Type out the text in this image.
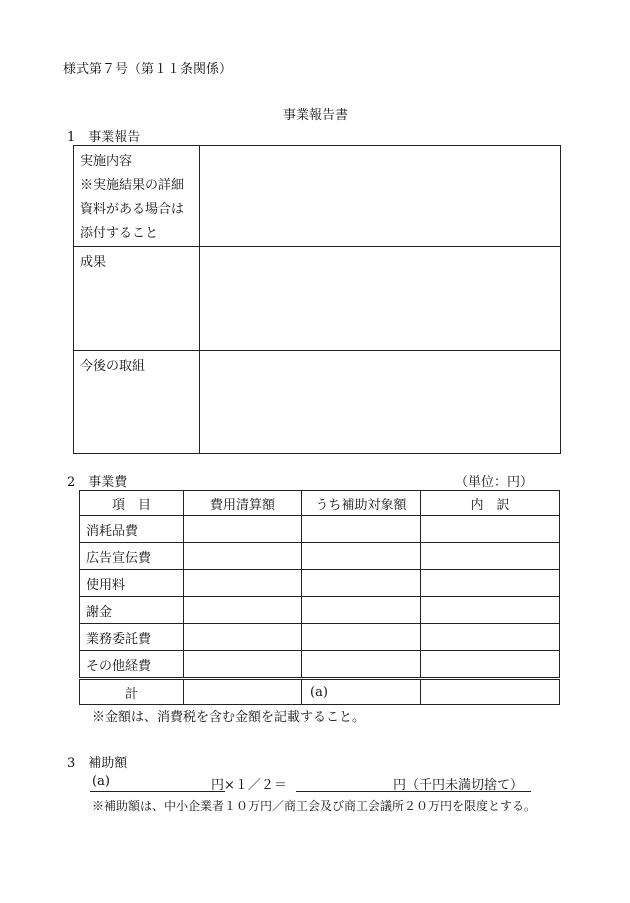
様式第７号（第１１条関係）
事業報告書
1　事業報告
実施内容
※実施結果の詳細
資料がある場合は
添付すること	

成果	

今後の取組	

2　事業費	（単位：円）
項　目	費用清算額	うち補助対象額	内　訳
消耗品費			
広告宣伝費			
使用料			
謝金			
業務委託費			
その他経費			
計		(a)	
※金額は、消費税を含む金額を記載すること。
3　補助額
(a)	円×１／２＝	円（千円未満切捨て）
※補助額は、中小企業者１０万円／商工会及び商工会議所２０万円を限度とする。
